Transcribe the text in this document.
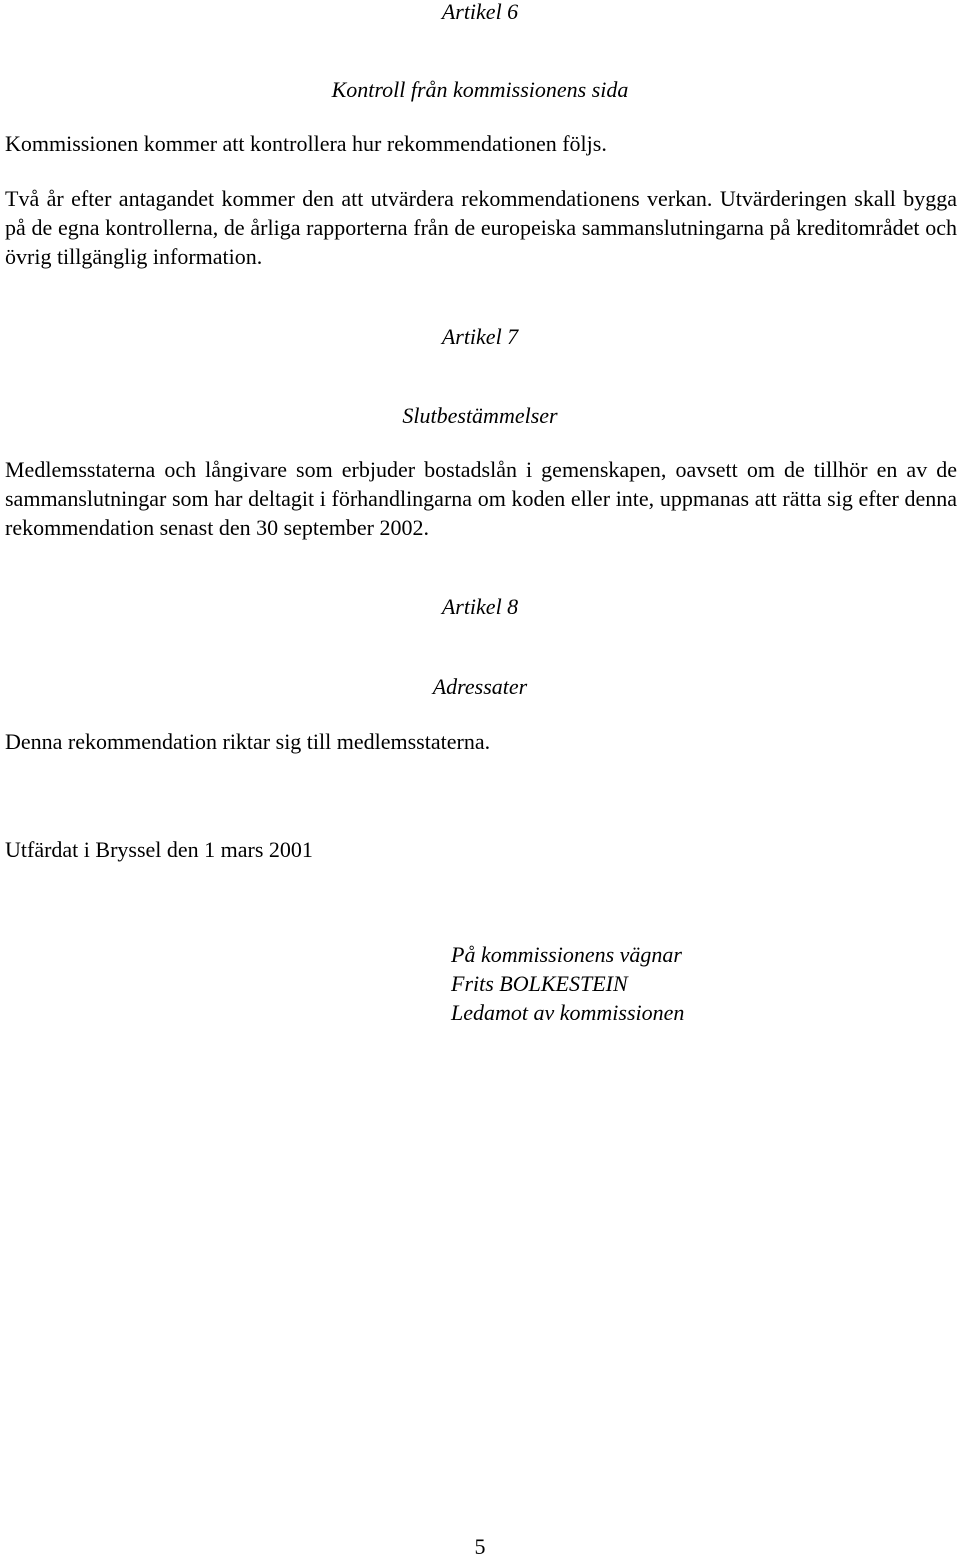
Artikel 6

Kontroll från kommissionens sida

Kommissionen kommer att kontrollera hur rekommendationen följs.

Två år efter antagandet kommer den att utvärdera rekommendationens verkan. Utvärderingen skall bygga på de egna kontrollerna, de årliga rapporterna från de europeiska sammanslutningarna på kreditområdet och övrig tillgänglig information.

Artikel 7

Slutbestämmelser

Medlemsstaterna och långivare som erbjuder bostadslån i gemenskapen, oavsett om de tillhör en av de sammanslutningar som har deltagit i förhandlingarna om koden eller inte, uppmanas att rätta sig efter denna rekommendation senast den 30 september 2002.

Artikel 8

Adressater

Denna rekommendation riktar sig till medlemsstaterna.

Utfärdat i Bryssel den 1 mars 2001

På kommissionens vägnar
Frits BOLKESTEIN
Ledamot av kommissionen

5
